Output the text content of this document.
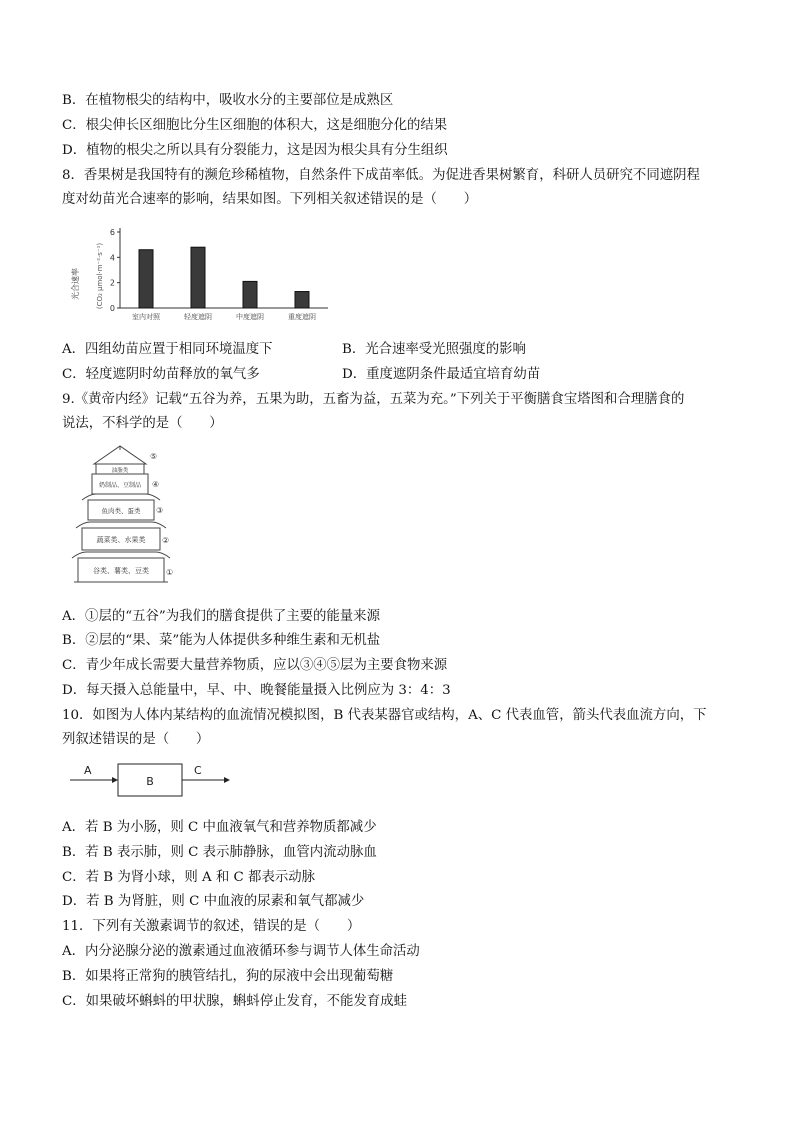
B．在植物根尖的结构中，吸收水分的主要部位是成熟区
C．根尖伸长区细胞比分生区细胞的体积大，这是细胞分化的结果
D．植物的根尖之所以具有分裂能力，这是因为根尖具有分生组织
8．香果树是我国特有的濒危珍稀植物，自然条件下成苗率低。为促进香果树繁育，科研人员研究不同遮阴程
度对幼苗光合速率的影响，结果如图。下列相关叙述错误的是（　　）
光合速率 (CO₂ μmol·m⁻²·s⁻¹) 0
2
4
6
室内对照	轻度遮阴	中度遮阴	重度遮阴
A．四组幼苗应置于相同环境温度下	B．光合速率受光照强度的影响
C．轻度遮阴时幼苗释放的氧气多	D．重度遮阴条件最适宜培育幼苗
9.《黄帝内经》记载“五谷为养，五果为助，五畜为益，五菜为充。”下列关于平衡膳食宝塔图和合理膳食的
说法，不科学的是（　　）
油脂类
奶制品、豆制品
鱼肉类、蛋类
蔬菜类、水果类
谷类、薯类、豆类
⑤
④
③
②
①
A．①层的“五谷”为我们的膳食提供了主要的能量来源
B．②层的“果、菜”能为人体提供多种维生素和无机盐
C．青少年成长需要大量营养物质，应以③④⑤层为主要食物来源
D．每天摄入总能量中，早、中、晚餐能量摄入比例应为 3：4：3
10．如图为人体内某结构的血流情况模拟图，B 代表某器官或结构，A、C 代表血管，箭头代表血流方向，下
列叙述错误的是（　　）
A
B
C
A．若 B 为小肠，则 C 中血液氧气和营养物质都减少
B．若 B 表示肺，则 C 表示肺静脉，血管内流动脉血
C．若 B 为肾小球，则 A 和 C 都表示动脉
D．若 B 为肾脏，则 C 中血液的尿素和氧气都减少
11．下列有关激素调节的叙述，错误的是（　　）
A．内分泌腺分泌的激素通过血液循环参与调节人体生命活动
B．如果将正常狗的胰管结扎，狗的尿液中会出现葡萄糖
C．如果破坏蝌蚪的甲状腺，蝌蚪停止发育，不能发育成蛙
